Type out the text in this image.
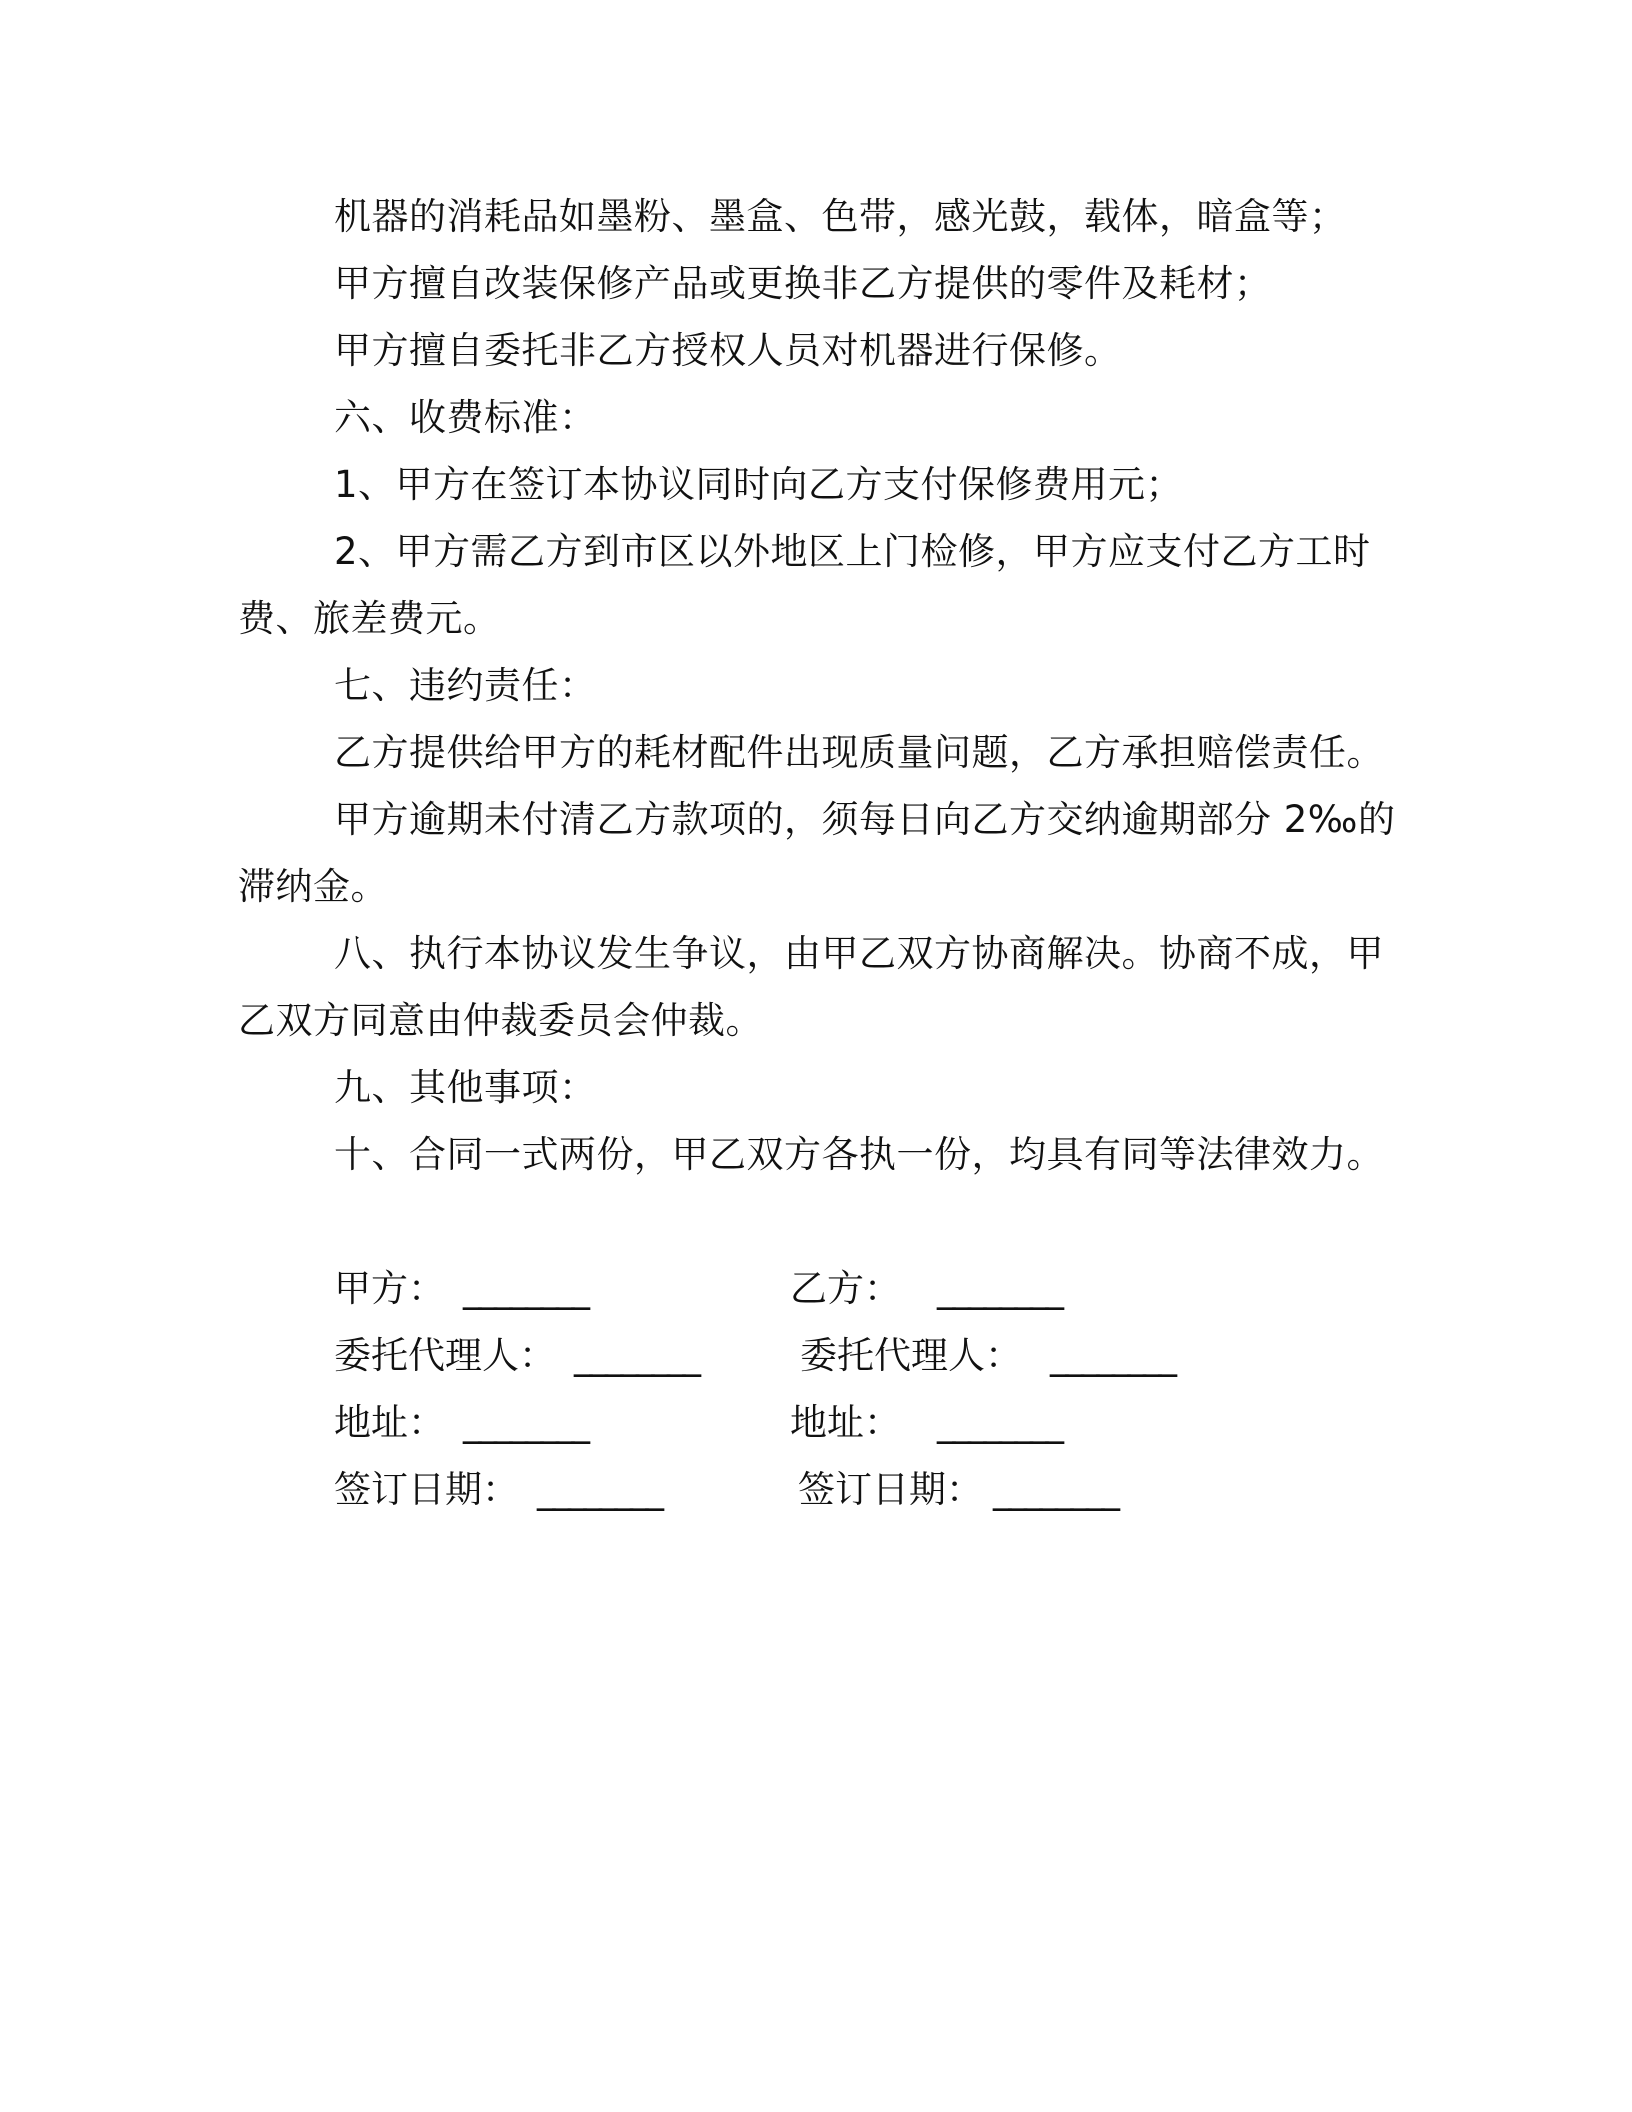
机器的消耗品如墨粉、墨盒、色带，感光鼓，载体，暗盒等；
甲方擅自改装保修产品或更换非乙方提供的零件及耗材；
甲方擅自委托非乙方授权人员对机器进行保修。
六、收费标准：
1、甲方在签订本协议同时向乙方支付保修费用元；
2、甲方需乙方到市区以外地区上门检修，甲方应支付乙方工时
费、旅差费元。
七、违约责任：
乙方提供给甲方的耗材配件出现质量问题，乙方承担赔偿责任。
甲方逾期未付清乙方款项的，须每日向乙方交纳逾期部分 2‰的
滞纳金。
八、执行本协议发生争议，由甲乙双方协商解决。协商不成，甲
乙双方同意由仲裁委员会仲裁。
九、其他事项：
十、合同一式两份，甲乙双方各执一份，均具有同等法律效力。
甲方： ________
委托代理人： ________
地址： ________
签订日期： ________
乙方： ________
委托代理人： ________
地址： ________
签订日期： ________
